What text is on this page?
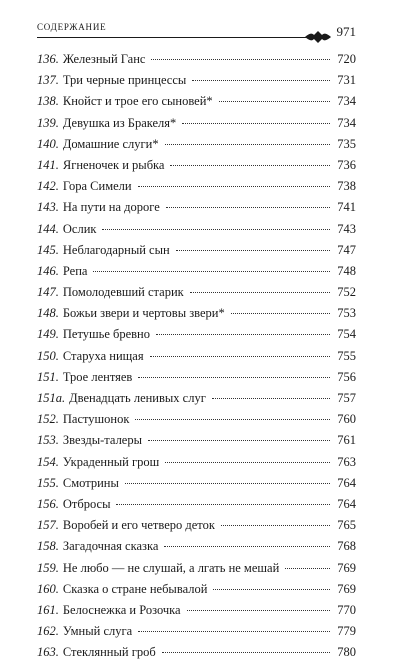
СОДЕРЖАНИЕ	971
136. Железный Ганс	720
137. Три черные принцессы	731
138. Кнойст и трое его сыновей*	734
139. Девушка из Бракеля*	734
140. Домашние слуги*	735
141. Ягненочек и рыбка	736
142. Гора Симели	738
143. На пути на дороге	741
144. Ослик	743
145. Неблагодарный сын	747
146. Репа	748
147. Помолодевший старик	752
148. Божьи звери и чертовы звери*	753
149. Петушье бревно	754
150. Старуха нищая	755
151. Трое лентяев	756
151a. Двенадцать ленивых слуг	757
152. Пастушонок	760
153. Звезды-талеры	761
154. Украденный грош	763
155. Смотрины	764
156. Отбросы	764
157. Воробей и его четверо деток	765
158. Загадочная сказка	768
159. Не любо — не слушай, а лгать не мешай	769
160. Сказка о стране небывалой	769
161. Белоснежка и Розочка	770
162. Умный слуга	779
163. Стеклянный гроб	780
